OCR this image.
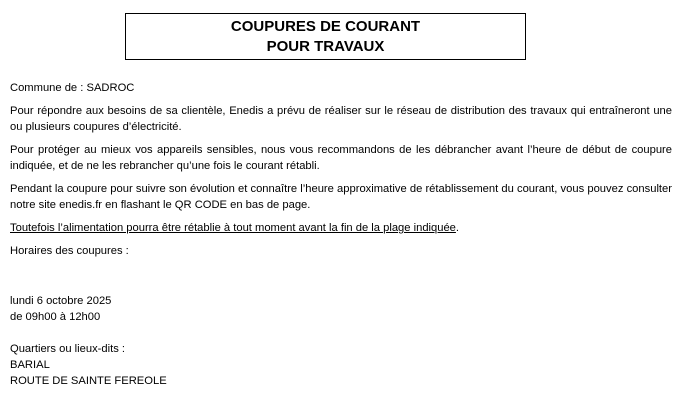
COUPURES DE COURANT
POUR TRAVAUX

Commune de : SADROC

Pour répondre aux besoins de sa clientèle, Enedis a prévu de réaliser sur le réseau de distribution des travaux qui entraîneront une ou plusieurs coupures d’électricité.

Pour protéger au mieux vos appareils sensibles, nous vous recommandons de les débrancher avant l’heure de début de coupure indiquée, et de ne les rebrancher qu’une fois le courant rétabli.

Pendant la coupure pour suivre son évolution et connaître l’heure approximative de rétablissement du courant, vous pouvez consulter notre site enedis.fr en flashant le QR CODE en bas de page.

Toutefois l’alimentation pourra être rétablie à tout moment avant la fin de la plage indiquée.

Horaires des coupures :

lundi 6 octobre 2025

de 09h00 à 12h00

Quartiers ou lieux-dits :

BARIAL

ROUTE DE SAINTE FEREOLE
